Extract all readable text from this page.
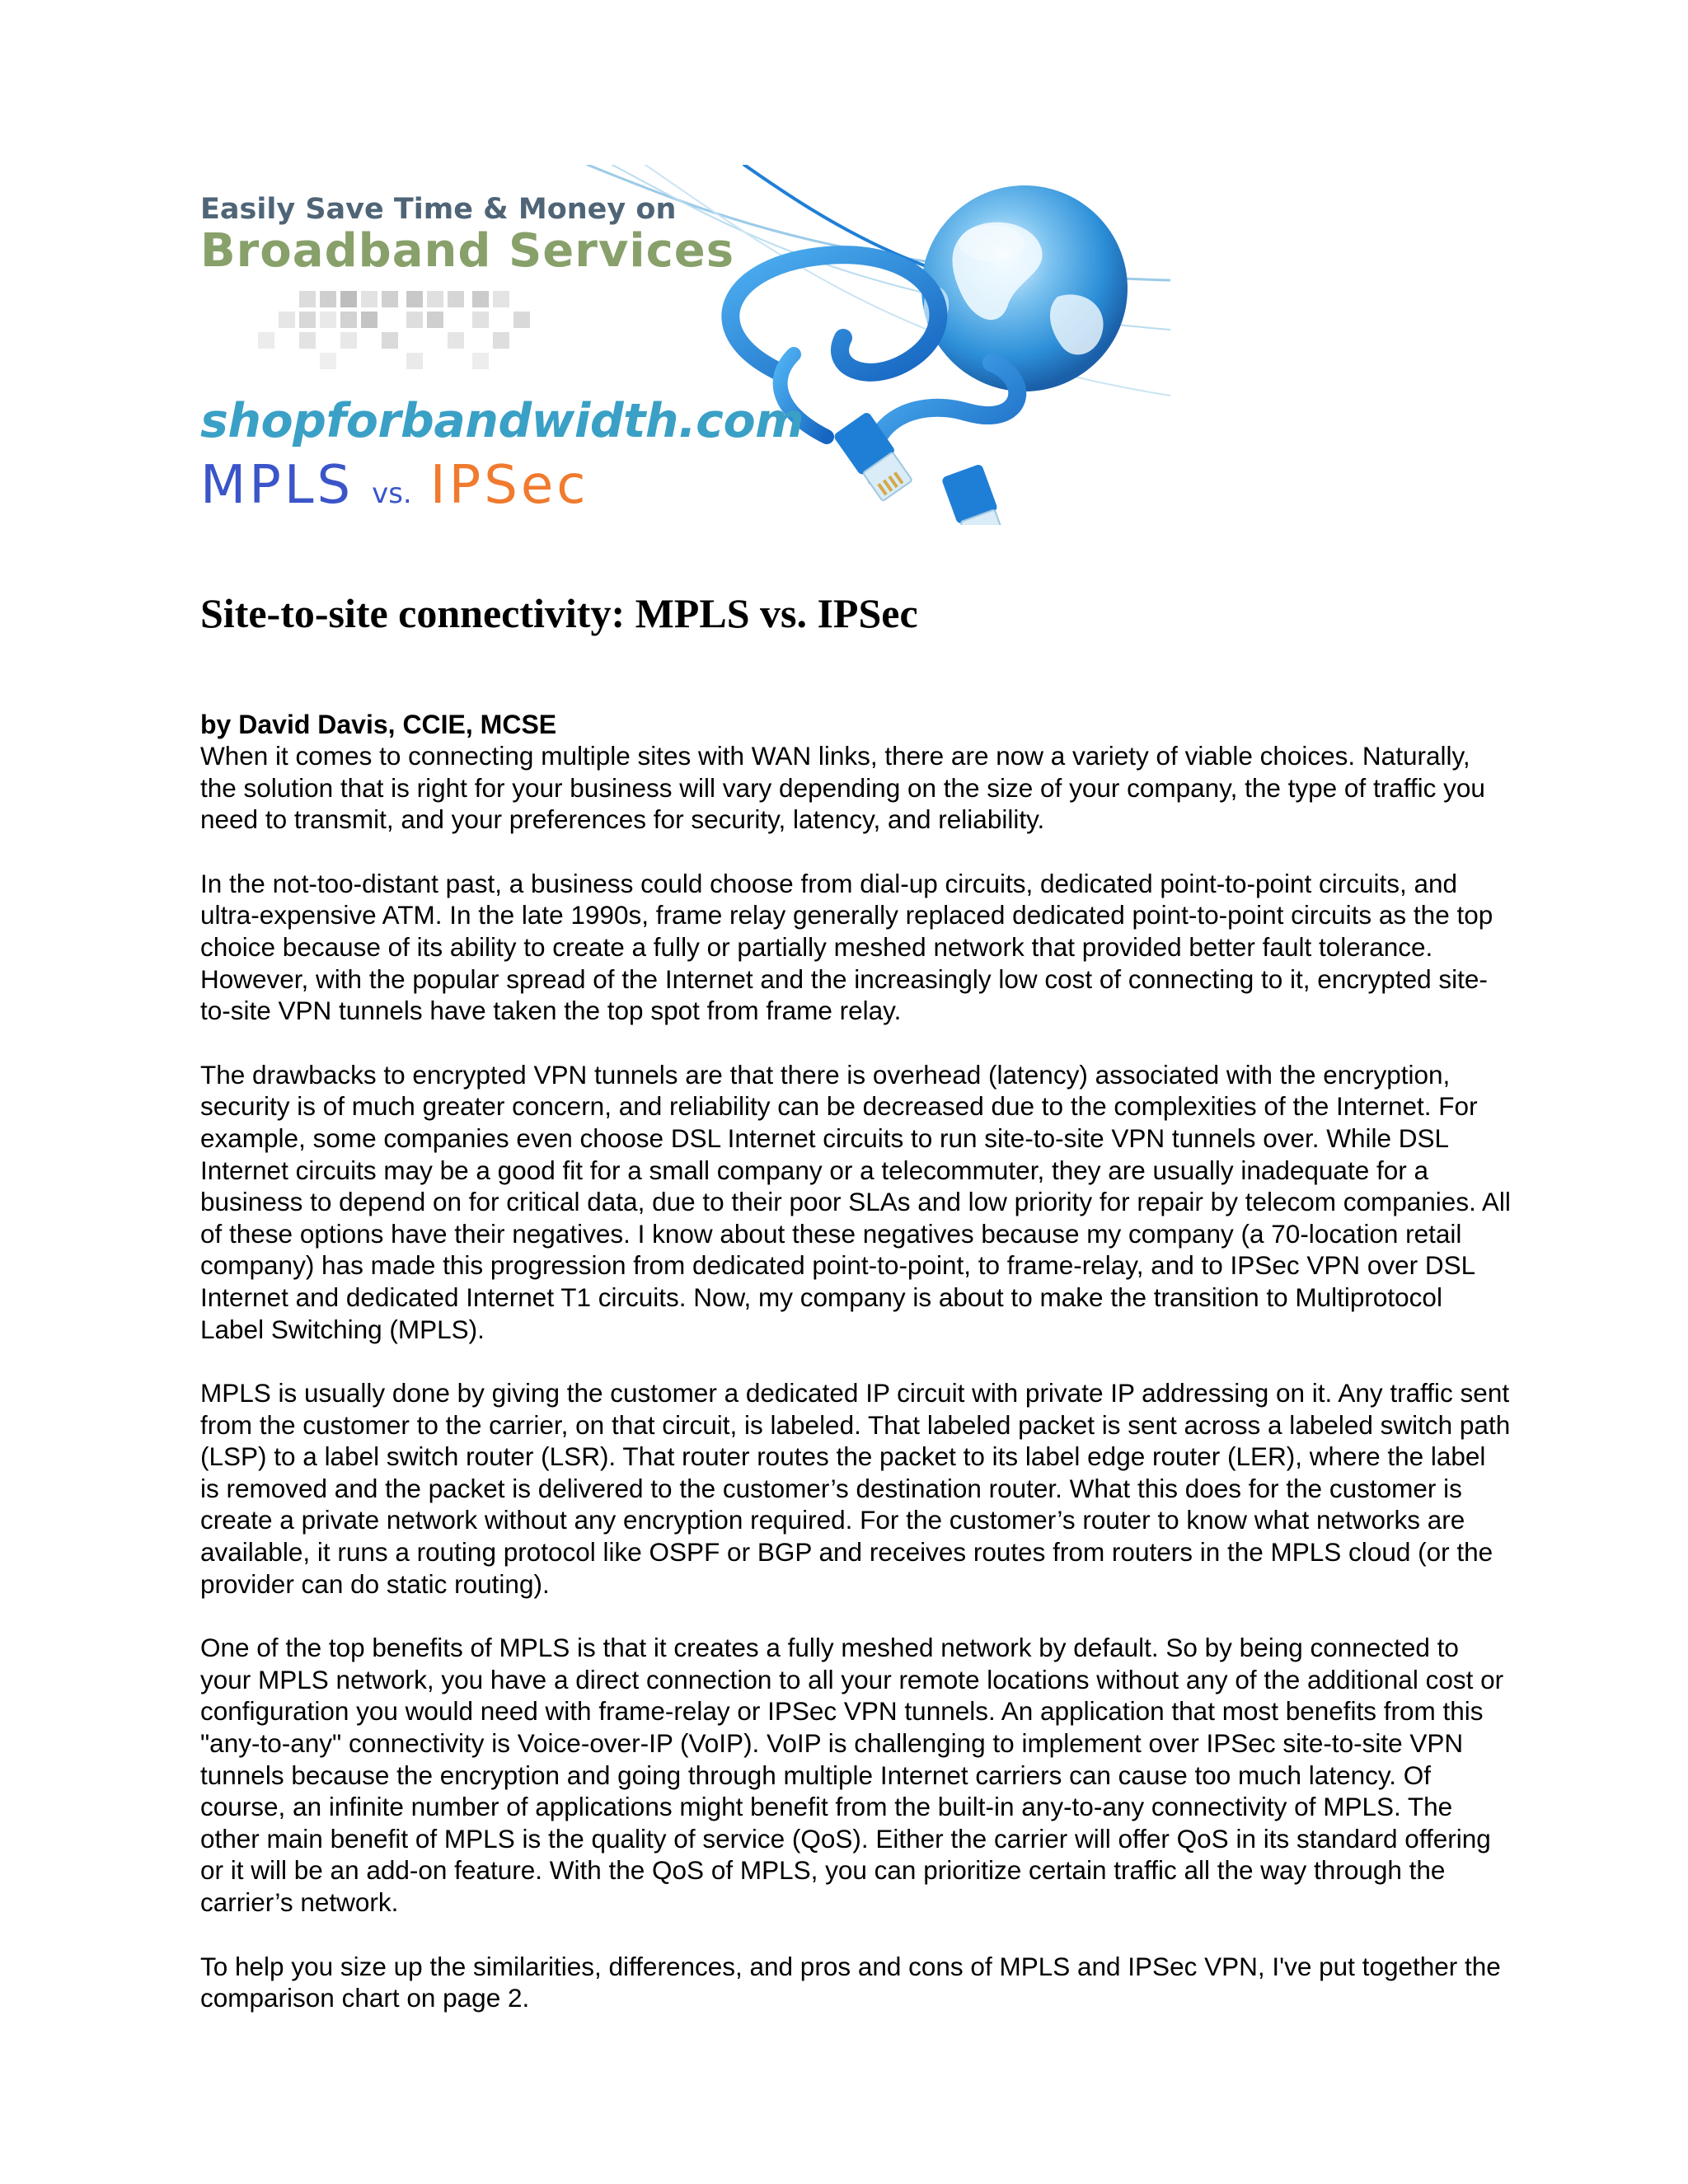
Easily Save Time & Money on
Broadband Services
shopforbandwidth.com
MPLS vs. IPSec
Site-to-site connectivity: MPLS vs. IPSec

by David Davis, CCIE, MCSE

When it comes to connecting multiple sites with WAN links, there are now a variety of viable choices. Naturally, the solution that is right for your business will vary depending on the size of your company, the type of traffic you need to transmit, and your preferences for security, latency, and reliability.

In the not-too-distant past, a business could choose from dial-up circuits, dedicated point-to-point circuits, and ultra-expensive ATM. In the late 1990s, frame relay generally replaced dedicated point-to-point circuits as the top choice because of its ability to create a fully or partially meshed network that provided better fault tolerance. However, with the popular spread of the Internet and the increasingly low cost of connecting to it, encrypted site-to-site VPN tunnels have taken the top spot from frame relay.

The drawbacks to encrypted VPN tunnels are that there is overhead (latency) associated with the encryption, security is of much greater concern, and reliability can be decreased due to the complexities of the Internet. For example, some companies even choose DSL Internet circuits to run site-to-site VPN tunnels over. While DSL Internet circuits may be a good fit for a small company or a telecommuter, they are usually inadequate for a business to depend on for critical data, due to their poor SLAs and low priority for repair by telecom companies. All of these options have their negatives. I know about these negatives because my company (a 70-location retail company) has made this progression from dedicated point-to-point, to frame-relay, and to IPSec VPN over DSL Internet and dedicated Internet T1 circuits. Now, my company is about to make the transition to Multiprotocol Label Switching (MPLS).

MPLS is usually done by giving the customer a dedicated IP circuit with private IP addressing on it. Any traffic sent from the customer to the carrier, on that circuit, is labeled. That labeled packet is sent across a labeled switch path (LSP) to a label switch router (LSR). That router routes the packet to its label edge router (LER), where the label is removed and the packet is delivered to the customer’s destination router. What this does for the customer is create a private network without any encryption required. For the customer’s router to know what networks are available, it runs a routing protocol like OSPF or BGP and receives routes from routers in the MPLS cloud (or the provider can do static routing).

One of the top benefits of MPLS is that it creates a fully meshed network by default. So by being connected to your MPLS network, you have a direct connection to all your remote locations without any of the additional cost or configuration you would need with frame-relay or IPSec VPN tunnels. An application that most benefits from this "any-to-any" connectivity is Voice-over-IP (VoIP). VoIP is challenging to implement over IPSec site-to-site VPN tunnels because the encryption and going through multiple Internet carriers can cause too much latency. Of course, an infinite number of applications might benefit from the built-in any-to-any connectivity of MPLS. The other main benefit of MPLS is the quality of service (QoS). Either the carrier will offer QoS in its standard offering or it will be an add-on feature. With the QoS of MPLS, you can prioritize certain traffic all the way through the carrier’s network.

To help you size up the similarities, differences, and pros and cons of MPLS and IPSec VPN, I've put together the comparison chart on page 2.
